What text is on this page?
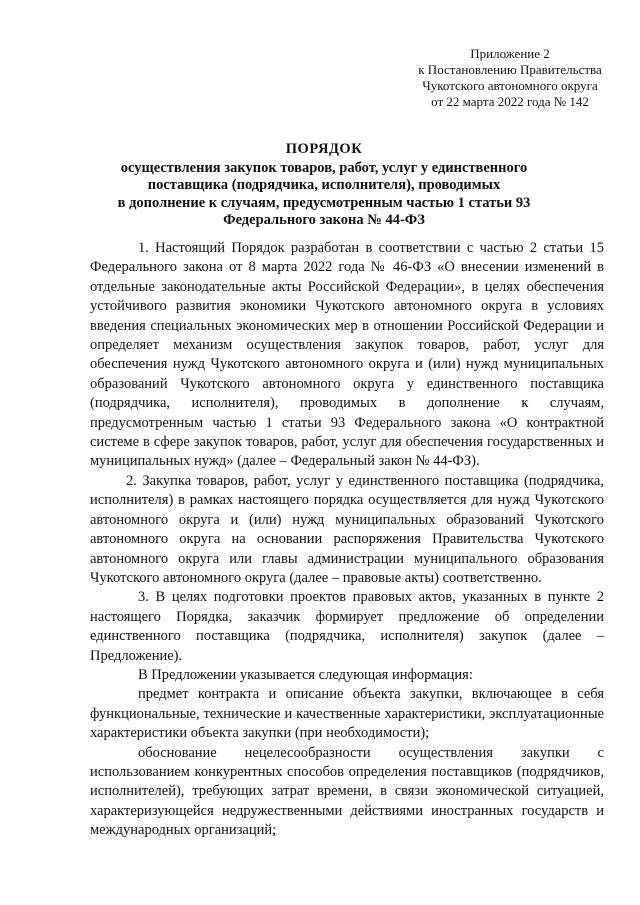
Приложение 2
к Постановлению Правительства
Чукотского автономного округа
от 22 марта 2022 года № 142
ПОРЯДОК
осуществления закупок товаров, работ, услуг у единственного
поставщика (подрядчика, исполнителя), проводимых
в дополнение к случаям, предусмотренным частью 1 статьи 93
Федерального закона № 44-ФЗ

1. Настоящий Порядок разработан в соответствии с частью 2 статьи 15 Федерального закона от 8 марта 2022 года № 46-ФЗ «О внесении изменений в отдельные законодательные акты Российской Федерации», в целях обеспечения устойчивого развития экономики Чукотского автономного округа в условиях введения специальных экономических мер в отношении Российской Федерации и определяет механизм осуществления закупок товаров, работ, услуг для обеспечения нужд Чукотского автономного округа и (или) нужд муниципальных образований Чукотского автономного округа у единственного поставщика (подрядчика, исполнителя), проводимых в дополнение к случаям, предусмотренным частью 1 статьи 93 Федерального закона «О контрактной системе в сфере закупок товаров, работ, услуг для обеспечения государственных и муниципальных нужд» (далее – Федеральный закон № 44-ФЗ).

2. Закупка товаров, работ, услуг у единственного поставщика (подрядчика, исполнителя) в рамках настоящего порядка осуществляется для нужд Чукотского автономного округа и (или) нужд муниципальных образований Чукотского автономного округа на основании распоряжения Правительства Чукотского автономного округа или главы администрации муниципального образования Чукотского автономного округа (далее – правовые акты) соответственно.

3. В целях подготовки проектов правовых актов, указанных в пункте 2 настоящего Порядка, заказчик формирует предложение об определении единственного поставщика (подрядчика, исполнителя) закупок (далее – Предложение).

В Предложении указывается следующая информация:

предмет контракта и описание объекта закупки, включающее в себя функциональные, технические и качественные характеристики, эксплуатационные характеристики объекта закупки (при необходимости);

обоснование нецелесообразности осуществления закупки с использованием конкурентных способов определения поставщиков (подрядчиков, исполнителей), требующих затрат времени, в связи экономической ситуацией, характеризующейся недружественными действиями иностранных государств и международных организаций;
